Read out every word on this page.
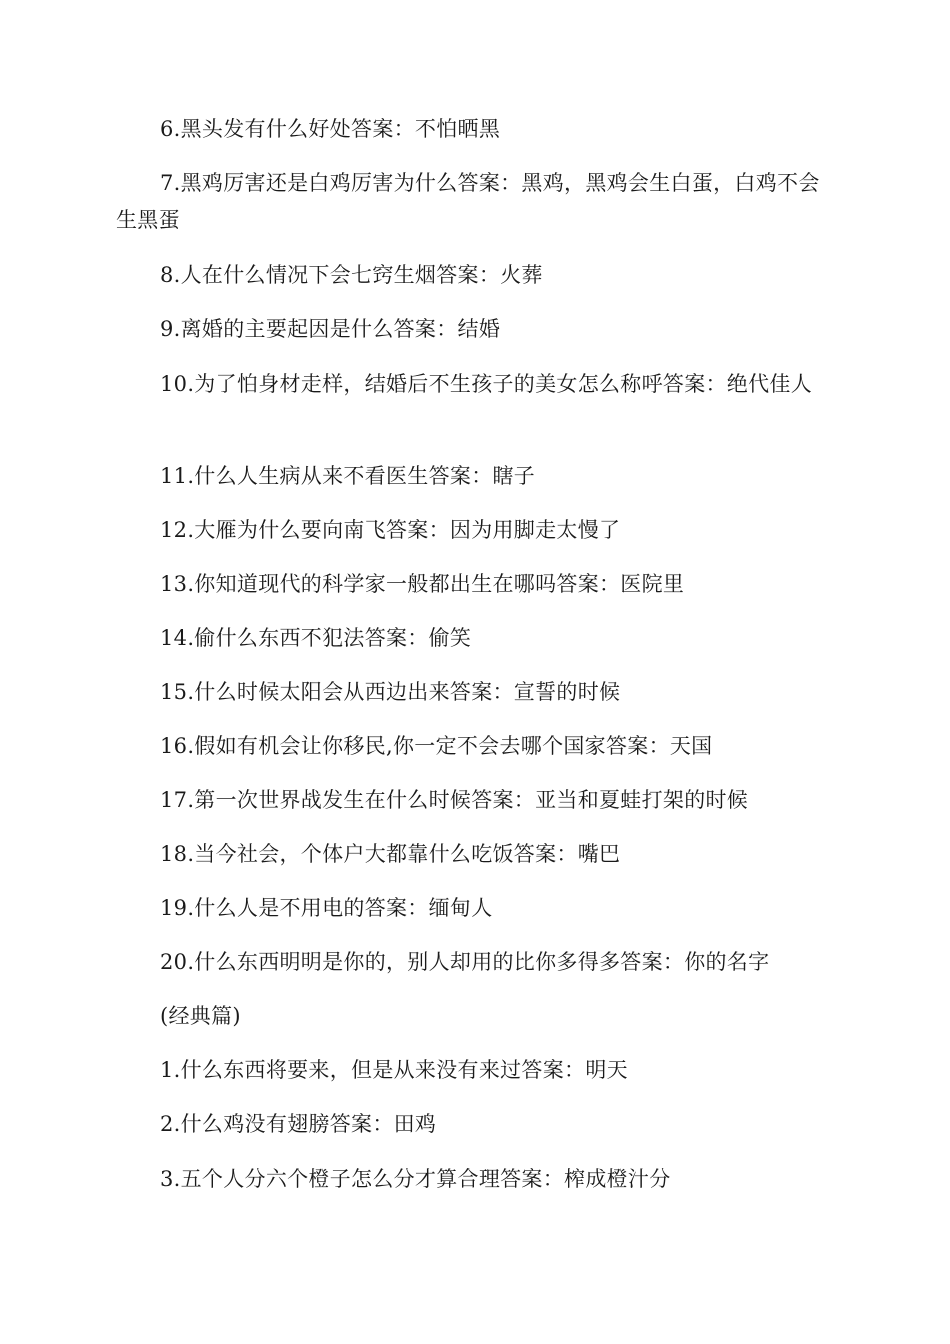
6.黑头发有什么好处答案：不怕晒黑

7.黑鸡厉害还是白鸡厉害为什么答案：黑鸡，黑鸡会生白蛋，白鸡不会生黑蛋

8.人在什么情况下会七窍生烟答案：火葬

9.离婚的主要起因是什么答案：结婚

10.为了怕身材走样，结婚后不生孩子的美女怎么称呼答案：绝代佳人

11.什么人生病从来不看医生答案：瞎子

12.大雁为什么要向南飞答案：因为用脚走太慢了

13.你知道现代的科学家一般都出生在哪吗答案：医院里

14.偷什么东西不犯法答案：偷笑

15.什么时候太阳会从西边出来答案：宣誓的时候

16.假如有机会让你移民,你一定不会去哪个国家答案：天国

17.第一次世界战发生在什么时候答案：亚当和夏蛙打架的时候

18.当今社会，个体户大都靠什么吃饭答案：嘴巴

19.什么人是不用电的答案：缅甸人

20.什么东西明明是你的，别人却用的比你多得多答案：你的名字

(经典篇)

1.什么东西将要来，但是从来没有来过答案：明天

2.什么鸡没有翅膀答案：田鸡

3.五个人分六个橙子怎么分才算合理答案：榨成橙汁分
